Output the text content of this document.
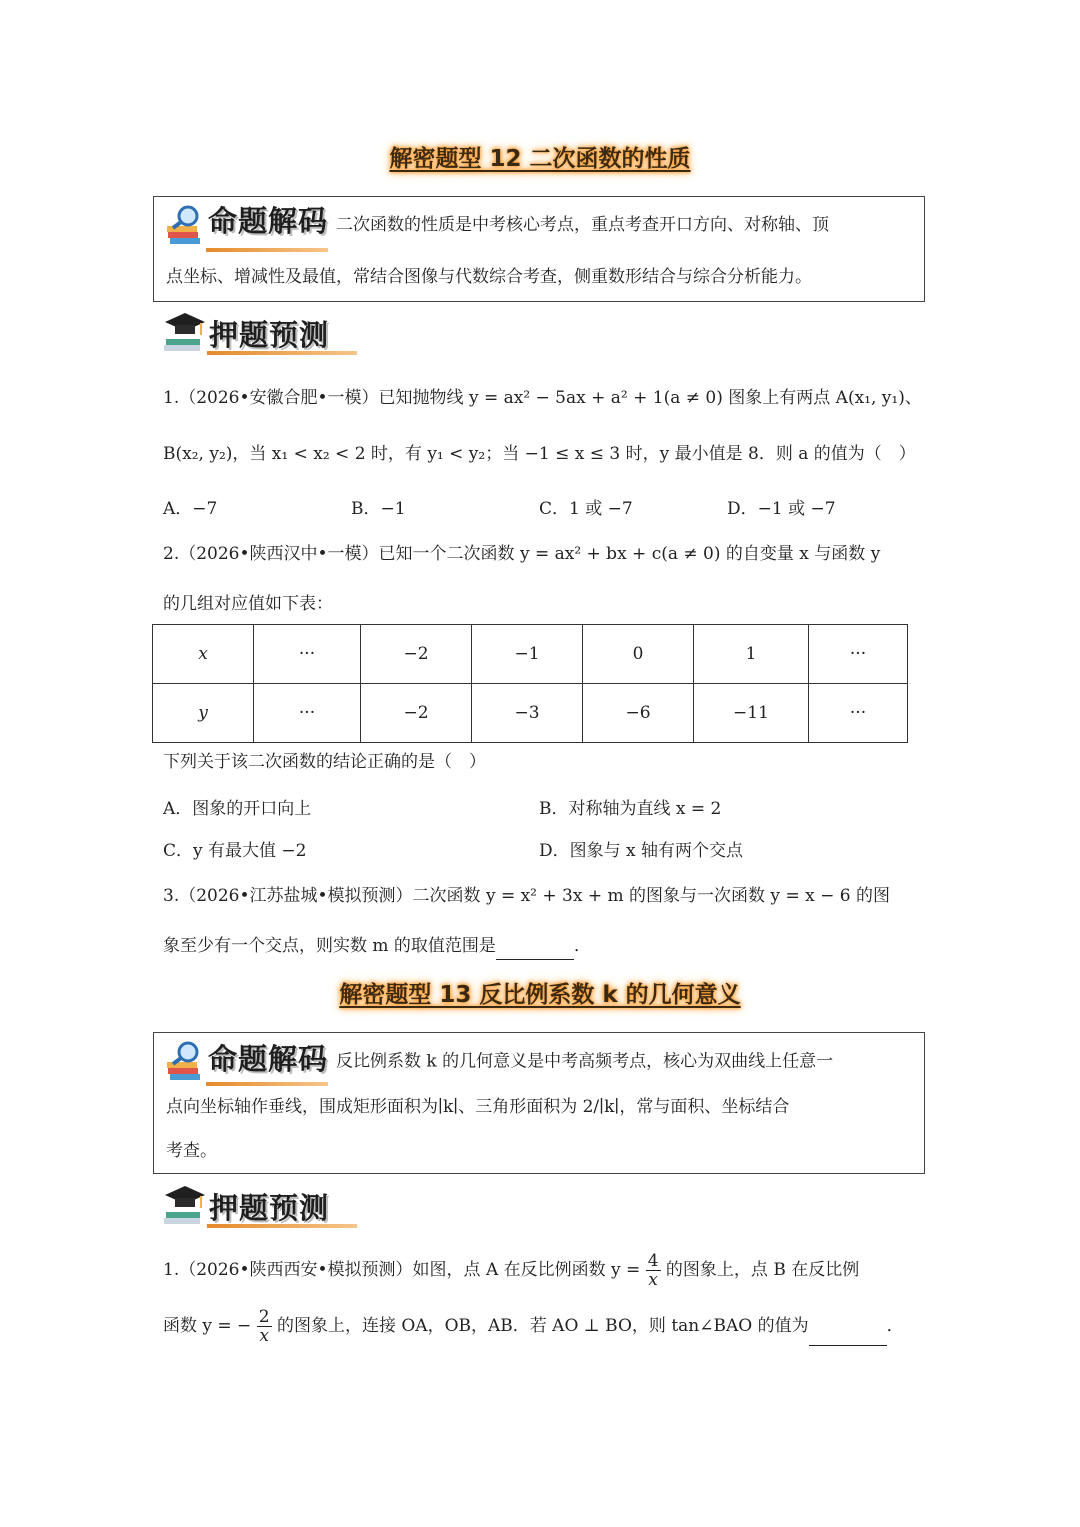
解密题型 12 二次函数的性质
命题解码 二次函数的性质是中考核心考点，重点考查开口方向、对称轴、顶
点坐标、增减性及最值，常结合图像与代数综合考查，侧重数形结合与综合分析能力。
押题预测
1.（2026•安徽合肥•一模）已知抛物线 y = ax² − 5ax + a² + 1(a ≠ 0) 图象上有两点 A(x₁, y₁)、
B(x₂, y₂)，当 x₁ < x₂ < 2 时，有 y₁ < y₂；当 −1 ≤ x ≤ 3 时，y 最小值是 8．则 a 的值为（　）
A．−7	B．−1	C．1 或 −7	D．−1 或 −7
2.（2026•陕西汉中•一模）已知一个二次函数 y = ax² + bx + c(a ≠ 0) 的自变量 x 与函数 y
的几组对应值如下表：
x	···	−2	−1	0	1	···
y	···	−2	−3	−6	−11	···
下列关于该二次函数的结论正确的是（　）
A．图象的开口向上	B．对称轴为直线 x = 2
C．y 有最大值 −2	D．图象与 x 轴有两个交点
3.（2026•江苏盐城•模拟预测）二次函数 y = x² + 3x + m 的图象与一次函数 y = x − 6 的图
象至少有一个交点，则实数 m 的取值范围是	．
解密题型 13 反比例系数 k 的几何意义
命题解码 反比例系数 k 的几何意义是中考高频考点，核心为双曲线上任意一
点向坐标轴作垂线，围成矩形面积为∣k∣、三角形面积为 2/∣k∣，常与面积、坐标结合
考查。
押题预测
1.（2026•陕西西安•模拟预测）如图，点 A 在反比例函数 $y = \frac{4}{x}$ 的图象上，点 B 在反比例
函数 y = − $\frac{2}{x}$ 的图象上，连接 OA，OB，AB．若 AO ⊥ BO，则 tan∠BAO 的值为	．
